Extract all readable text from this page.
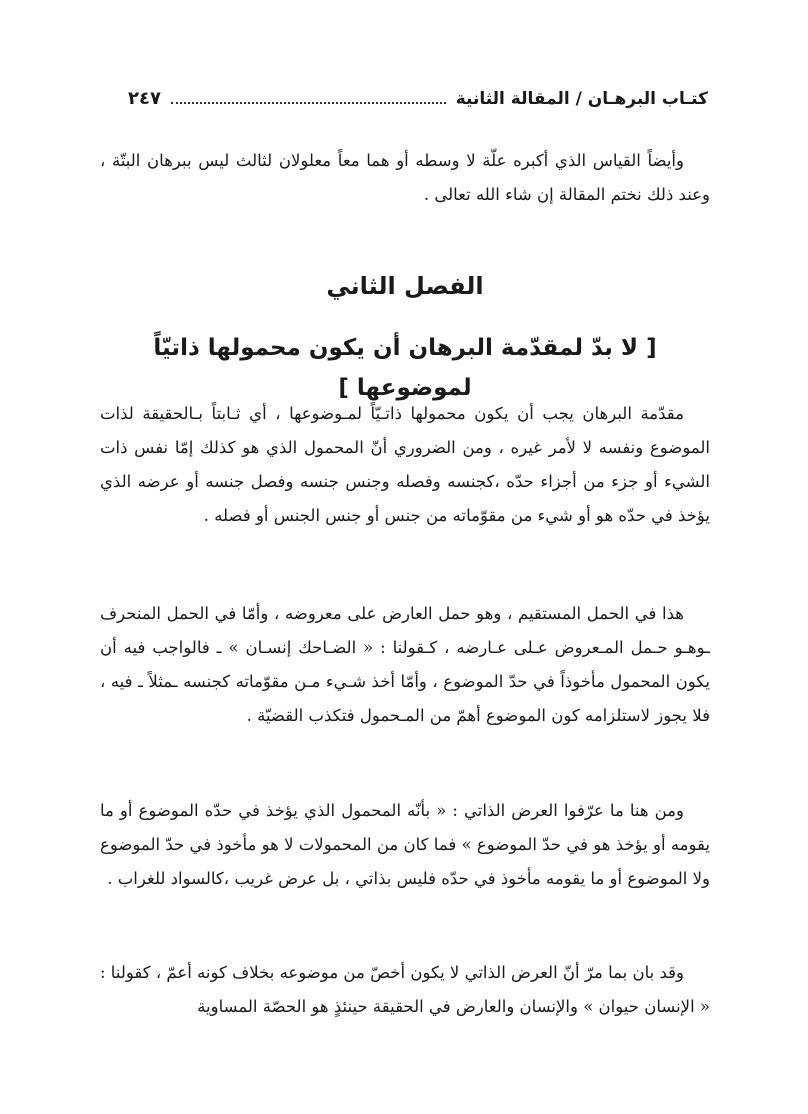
كتـاب البرهـان / المقالة الثانية
٢٤٧
وأيضاً القياس الذي أكبره علّة لا وسطه أو هما معاً معلولان لثالث ليس ببرهان البتّة ، وعند ذلك نختم المقالة إن شاء الله تعالى .
الفصل الثاني
[ لا بدّ لمقدّمة البرهان أن يكون محمولها ذاتيّاً لموضوعها ]
مقدّمة البرهان يجب أن يكون محمولها ذاتـيّاً لمـوضوعها ، أي ثـابتاً بـالحقيقة لذات الموضوع ونفسه لا لأمر غيره ، ومن الضروري أنّ المحمول الذي هو كذلك إمّا نفس ذات الشيء أو جزء من أجزاء حدّه ،كجنسه وفصله وجنس جنسه وفصل جنسه أو عرضه الذي يؤخذ في حدّه هو أو شيء من مقوّماته من جنس أو جنس الجنس أو فصله .
هذا في الحمل المستقيم ، وهو حمل العارض على معروضه ، وأمّا في الحمل المنحرف ـوهـو حـمل المـعروض عـلى عـارضه ، كـقولنا : « الضـاحك إنسـان » ـ فالواجب فيه أن يكون المحمول مأخوذاً في حدّ الموضوع ، وأمّا أخذ شـيء مـن مقوّماته كجنسه ـمثلاً ـ فيه ، فلا يجوز لاستلزامه كون الموضوع أهمّ من المـحمول فتكذب القضيّة .
ومن هنا ما عرّفوا العرض الذاتي : « بأنّه المحمول الذي يؤخذ في حدّه الموضوع أو ما يقومه أو يؤخذ هو في حدّ الموضوع » فما كان من المحمولات لا هو مأخوذ في حدّ الموضوع ولا الموضوع أو ما يقومه مأخوذ في حدّه فليس بذاتي ، بل عرض غريب ،كالسواد للغراب .
وقد بان بما مرّ أنّ العرض الذاتي لا يكون أخصّ من موضوعه بخلاف كونه أعمّ ، كقولنا : « الإنسان حيوان » والإنسان والعارض في الحقيقة حينئذٍ هو الحصّة المساوية
